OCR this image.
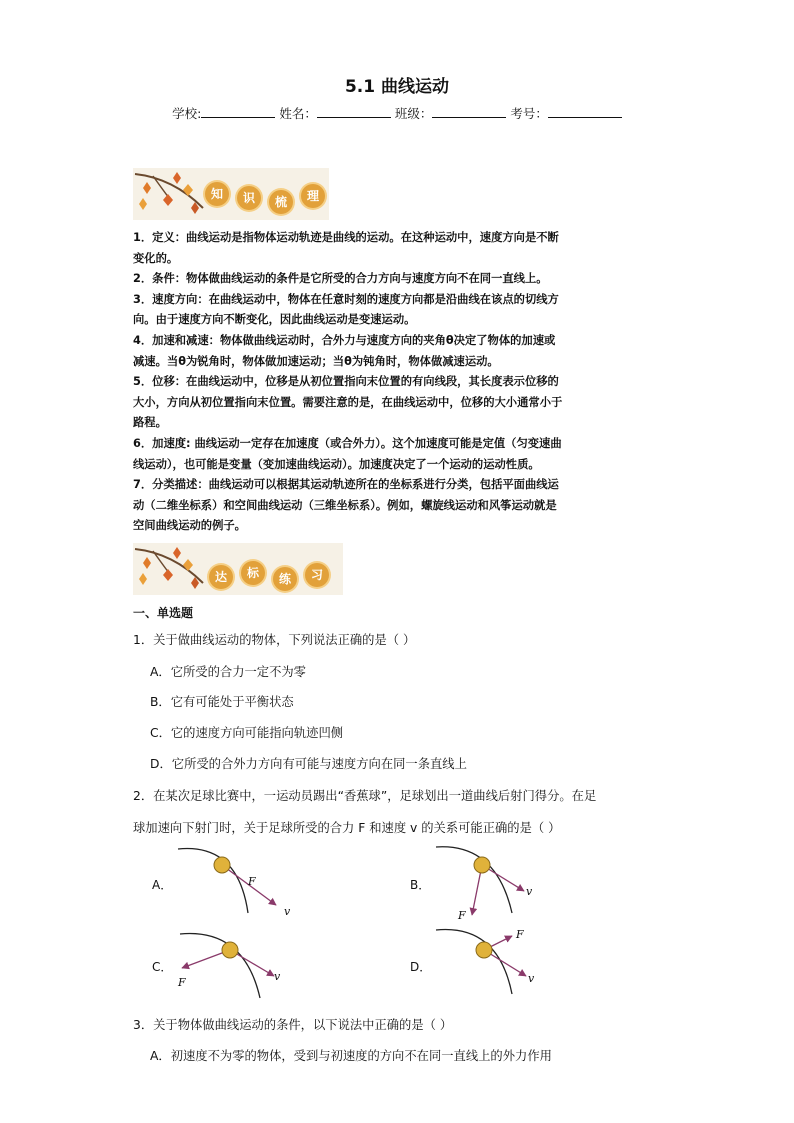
5.1 曲线运动
学校:	姓名：	班级：	考号：
知	识	梳	理

1．定义：曲线运动是指物体运动轨迹是曲线的运动。在这种运动中，速度方向是不断

变化的。

2．条件：物体做曲线运动的条件是它所受的合力方向与速度方向不在同一直线上。

3．速度方向：在曲线运动中，物体在任意时刻的速度方向都是沿曲线在该点的切线方

向。由于速度方向不断变化，因此曲线运动是变速运动。

4．加速和减速：物体做曲线运动时，合外力与速度方向的夹角θ决定了物体的加速或

减速。当θ为锐角时，物体做加速运动；当θ为钝角时，物体做减速运动。

5．位移：在曲线运动中，位移是从初位置指向末位置的有向线段，其长度表示位移的

大小，方向从初位置指向末位置。需要注意的是，在曲线运动中，位移的大小通常小于

路程。

6．加速度: 曲线运动一定存在加速度（或合外力）。这个加速度可能是定值（匀变速曲

线运动），也可能是变量（变加速曲线运动）。加速度决定了一个运动的运动性质。

7．分类描述：曲线运动可以根据其运动轨迹所在的坐标系进行分类，包括平面曲线运

动（二维坐标系）和空间曲线运动（三维坐标系）。例如，螺旋线运动和风筝运动就是

空间曲线运动的例子。

达	标	练	习
一、单选题
1．关于做曲线运动的物体，下列说法正确的是（ ）
A．它所受的合力一定不为零
B．它有可能处于平衡状态
C．它的速度方向可能指向轨迹凹侧
D．它所受的合外力方向有可能与速度方向在同一条直线上
2．在某次足球比赛中，一运动员踢出“香蕉球”，足球划出一道曲线后射门得分。在足
球加速向下射门时，关于足球所受的合力 F 和速度 v 的关系可能正确的是（ ）
A．	F
v
B．	v
F
C．
v
F
D．
F
v
3．关于物体做曲线运动的条件，以下说法中正确的是（ ）
A．初速度不为零的物体，受到与初速度的方向不在同一直线上的外力作用
